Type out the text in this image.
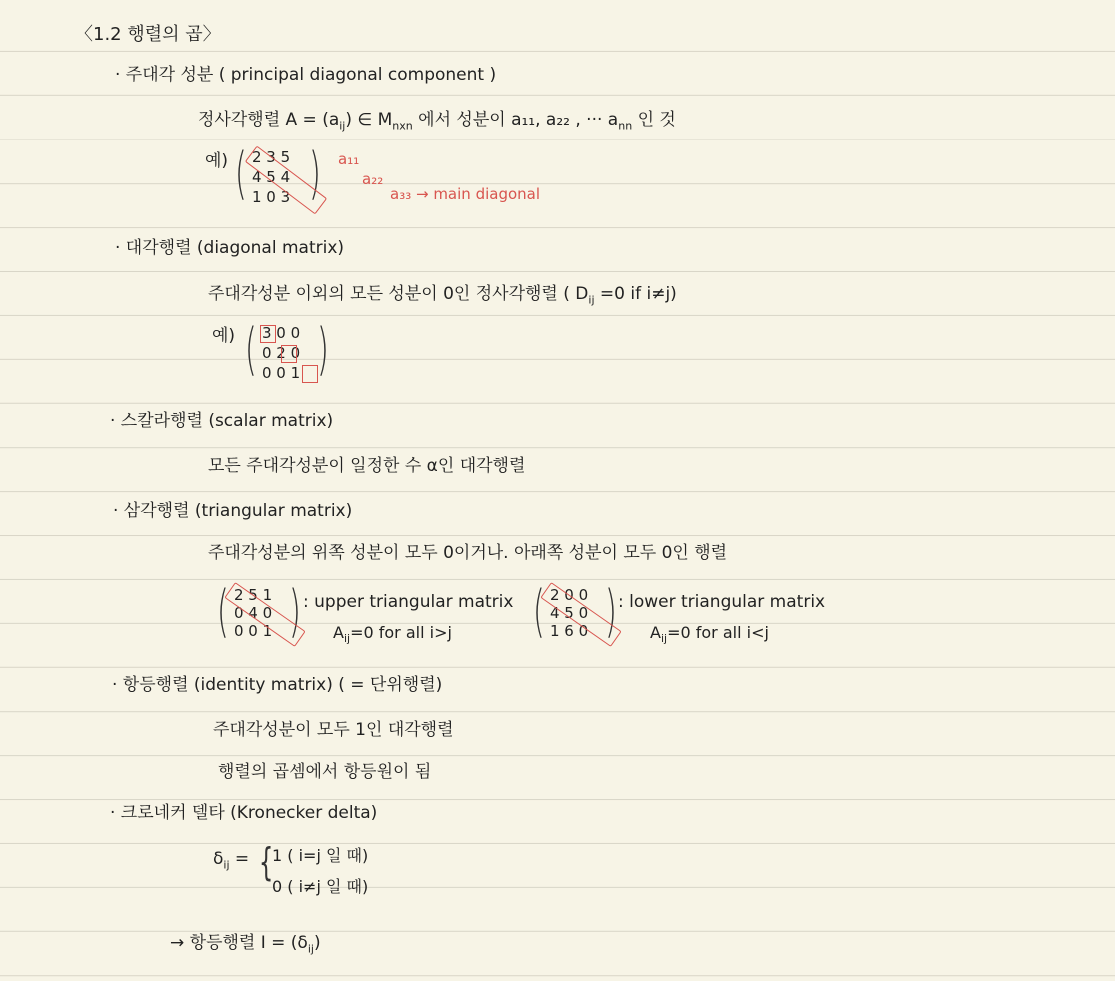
〈1.2 행렬의 곱〉
· 주대각 성분 ( principal diagonal component )
정사각행렬 $A = (a_{ij})$ ∈ $M_{nxn}$ 에서 성분이 a₁₁, a₂₂ , ··· $a_{nn}$ 인 것
예) ( 2 3 5
4 5 4
1 0 3 ) a₁₁
a₂₂
a₃₃ → main diagonal
· 대각행렬 (diagonal matrix)
주대각성분 이외의 모든 성분이 0인 정사각행렬 ( $D_{ij} =0$ if i≠j)
예) ( 3 0 0
0 2 0
0 0 1 )
· 스칼라행렬 (scalar matrix)
모든 주대각성분이 일정한 수 α인 대각행렬
· 삼각행렬 (triangular matrix)
주대각성분의 위쪽 성분이 모두 0이거나. 아래쪽 성분이 모두 0인 행렬
( 2 5 1
0 4 0
0 0 1 ) : upper triangular matrix
$A_{ij}=0$ for all i>j ( 2 0 0
4 5 0
1 6 0 ) : lower triangular matrix
$A_{ij}=0$ for all i<j
· 항등행렬 (identity matrix) ( = 단위행렬)
주대각성분이 모두 1인 대각행렬
행렬의 곱셈에서 항등원이 됨
· 크로네커 델타 (Kronecker delta)
$\delta_{ij}$ = {
1 ( i=j 일 때)
0 ( i≠j 일 때)
→ 항등행렬 $I = (\delta_{ij})$
